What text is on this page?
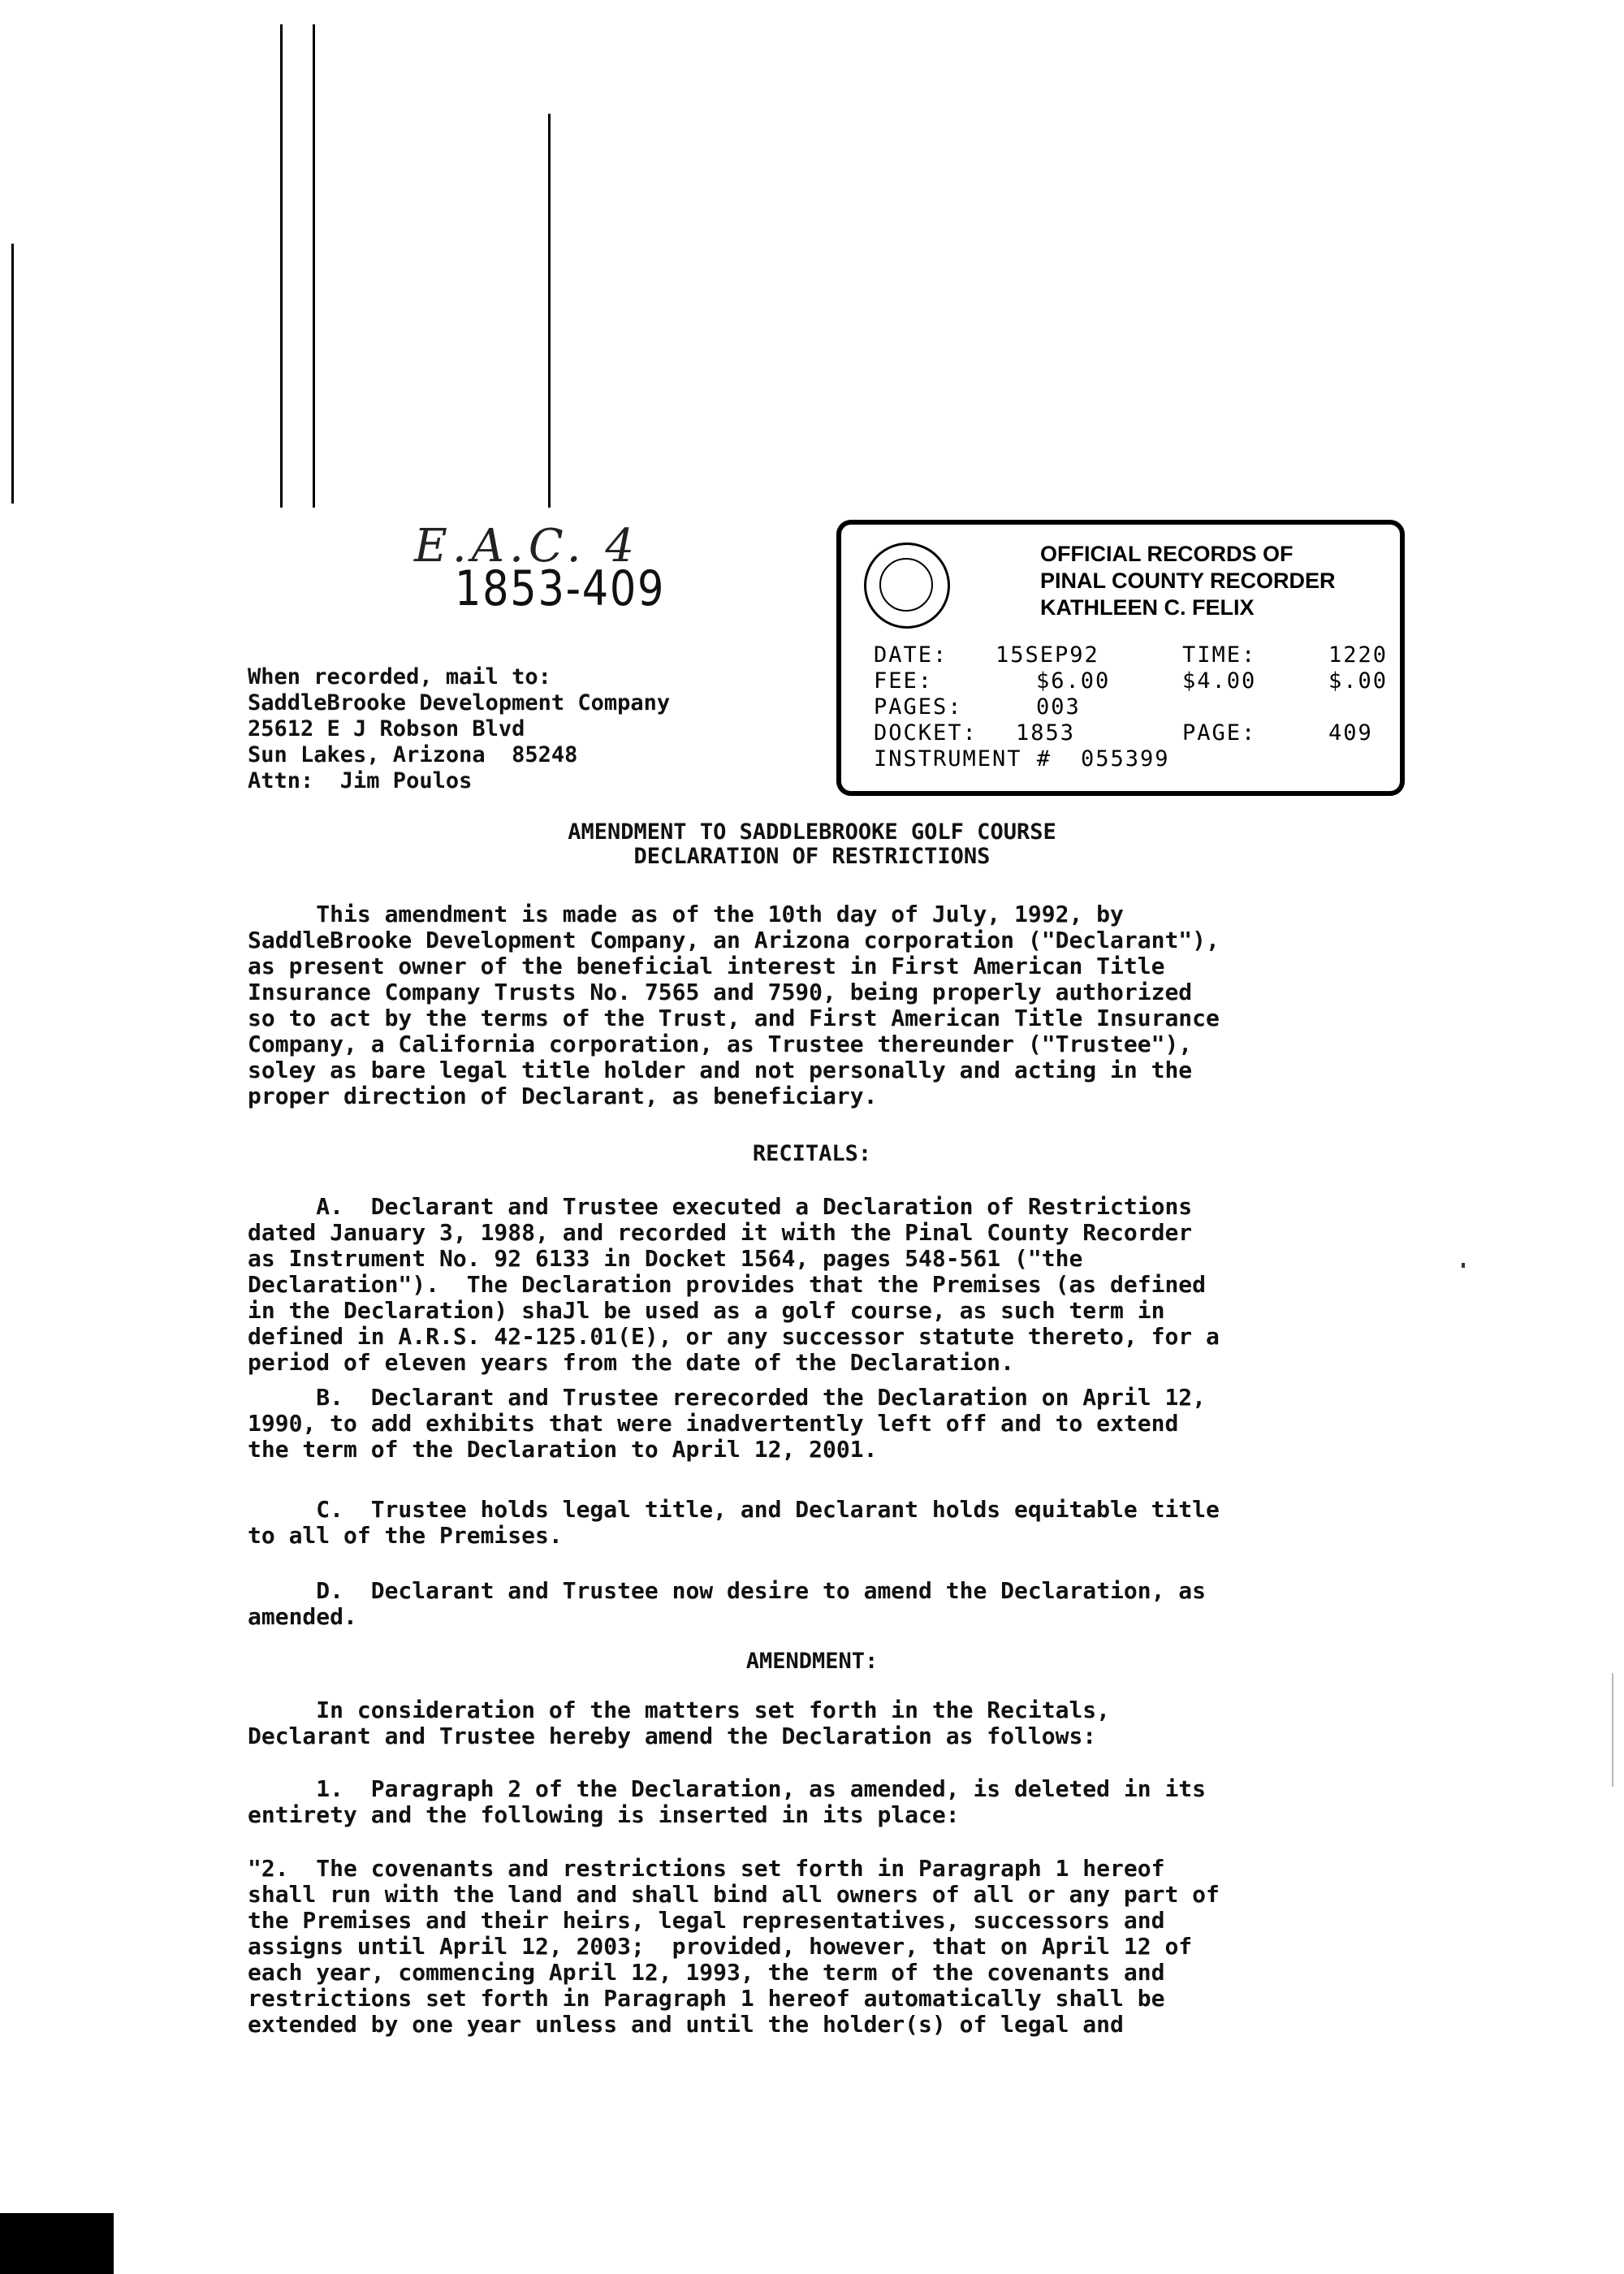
E.A.C. 4
1853-409
When recorded, mail to:
SaddleBrooke Development Company
25612 E J Robson Blvd
Sun Lakes, Arizona  85248
Attn:  Jim Poulos
OFFICIAL RECORDS OF
PINAL COUNTY RECORDER
KATHLEEN C. FELIX
DATE: 15SEP92	TIME:	1220
FEE:	$6.00	$4.00	$.00
PAGES:	003
DOCKET: 1853	PAGE:	409
INSTRUMENT # 055399
AMENDMENT TO SADDLEBROOKE GOLF COURSE
DECLARATION OF RESTRICTIONS

This amendment is made as of the 10th day of July, 1992, by

SaddleBrooke Development Company, an Arizona corporation ("Declarant"),

as present owner of the beneficial interest in First American Title

Insurance Company Trusts No. 7565 and 7590, being properly authorized

so to act by the terms of the Trust, and First American Title Insurance

Company, a California corporation, as Trustee thereunder ("Trustee"),

soley as bare legal title holder and not personally and acting in the

proper direction of Declarant, as beneficiary.

RECITALS:

A.  Declarant and Trustee executed a Declaration of Restrictions

dated January 3, 1988, and recorded it with the Pinal County Recorder

as Instrument No. 92 6133 in Docket 1564, pages 548-561 ("the

Declaration").  The Declaration provides that the Premises (as defined

in the Declaration) shaJl be used as a golf course, as such term in

defined in A.R.S. 42-125.01(E), or any successor statute thereto, for a

period of eleven years from the date of the Declaration.

B.  Declarant and Trustee rerecorded the Declaration on April 12,

1990, to add exhibits that were inadvertently left off and to extend

the term of the Declaration to April 12, 2001.

C.  Trustee holds legal title, and Declarant holds equitable title

to all of the Premises.

D.  Declarant and Trustee now desire to amend the Declaration, as

amended.

AMENDMENT:

In consideration of the matters set forth in the Recitals,

Declarant and Trustee hereby amend the Declaration as follows:

1.  Paragraph 2 of the Declaration, as amended, is deleted in its

entirety and the following is inserted in its place:

"2.  The covenants and restrictions set forth in Paragraph 1 hereof

shall run with the land and shall bind all owners of all or any part of

the Premises and their heirs, legal representatives, successors and

assigns until April 12, 2003;  provided, however, that on April 12 of

each year, commencing April 12, 1993, the term of the covenants and

restrictions set forth in Paragraph 1 hereof automatically shall be

extended by one year unless and until the holder(s) of legal and
